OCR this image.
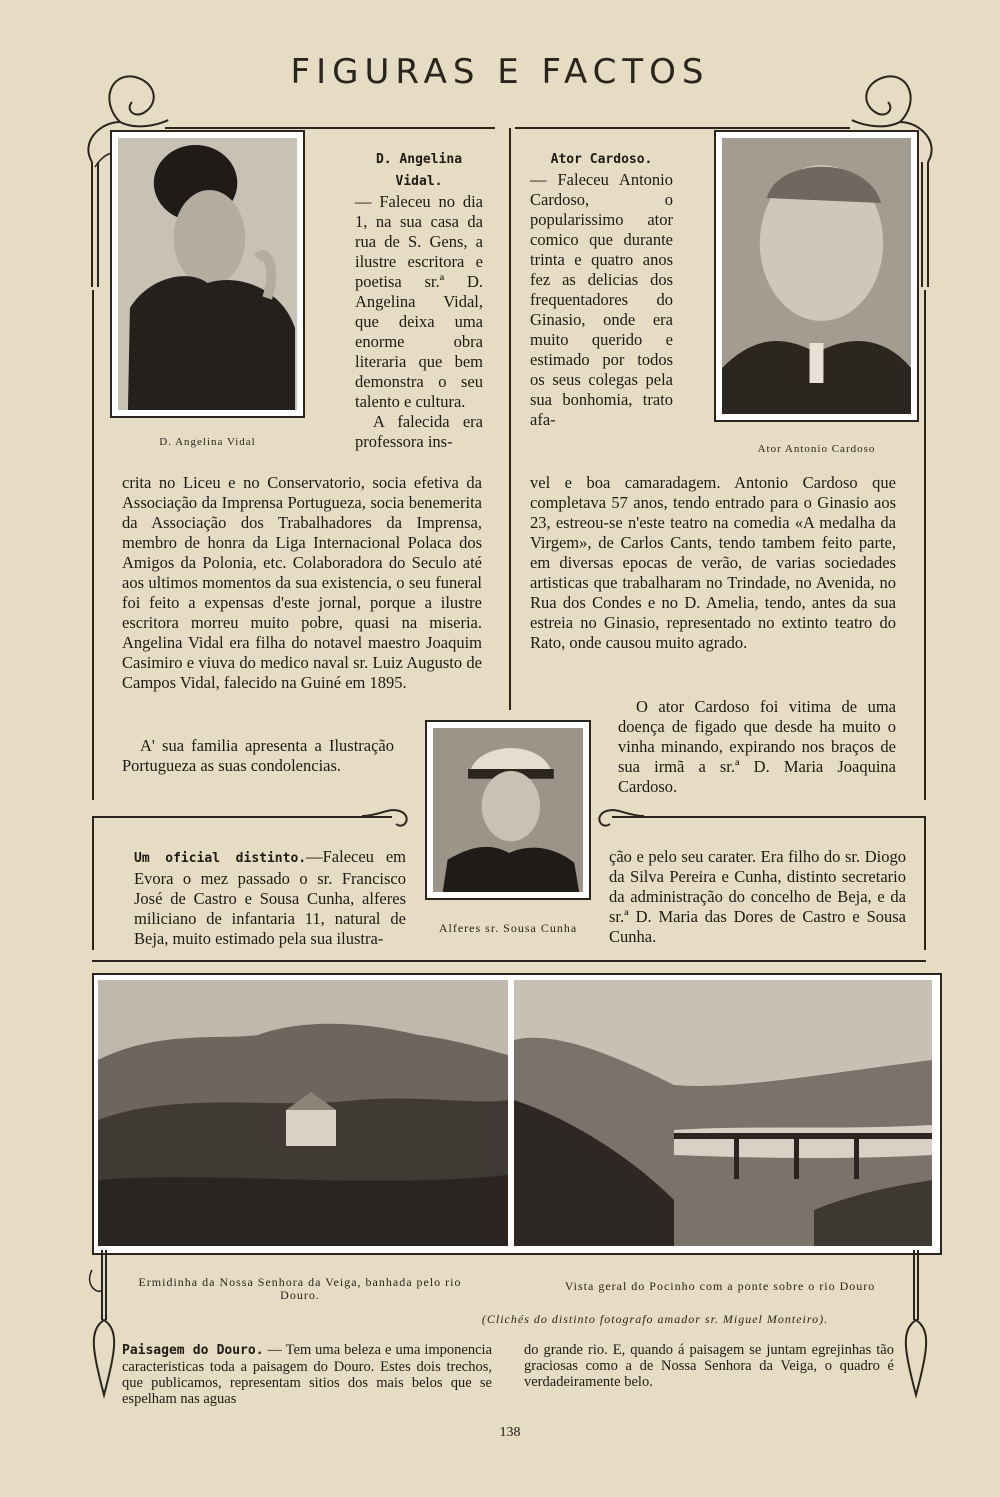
FIGURAS E FACTOS
D. Angelina Vidal

D. Angelina Vidal.

— Faleceu no dia 1, na sua casa da rua de S. Gens, a ilustre escritora e poetisa sr.ª D. Angelina Vidal, que deixa uma enorme obra literaria que bem demonstra o seu talento e cultura.

A falecida era professora ins-

crita no Liceu e no Conservatorio, socia efetiva da Associação da Imprensa Portugueza, socia benemerita da Associação dos Trabalhadores da Imprensa, membro de honra da Liga Internacional Polaca dos Amigos da Polonia, etc. Colaboradora do Seculo até aos ultimos momentos da sua existencia, o seu funeral foi feito a expensas d'este jornal, porque a ilustre escritora morreu muito pobre, quasi na miseria. Angelina Vidal era filha do notavel maestro Joaquim Casimiro e viuva do medico naval sr. Luiz Augusto de Campos Vidal, falecido na Guiné em 1895.

A' sua familia apresenta a Ilustração Portugueza as suas condolencias.

Ator Antonio Cardoso

Ator Cardoso.

— Faleceu Antonio Cardoso, o popularissimo ator comico que durante trinta e quatro anos fez as delicias dos frequentadores do Ginasio, onde era muito querido e estimado por todos os seus colegas pela sua bonhomia, trato afa-

vel e boa camaradagem. Antonio Cardoso que completava 57 anos, tendo entrado para o Ginasio aos 23, estreou-se n'este teatro na comedia «A medalha da Virgem», de Carlos Cants, tendo tambem feito parte, em diversas epocas de verão, de varias sociedades artisticas que trabalharam no Trindade, no Avenida, no Rua dos Condes e no D. Amelia, tendo, antes da sua estreia no Ginasio, representado no extinto teatro do Rato, onde causou muito agrado.

O ator Cardoso foi vitima de uma doença de figado que desde ha muito o vinha minando, expirando nos braços de sua irmã a sr.ª D. Maria Joaquina Cardoso.

Alferes sr. Sousa Cunha

Um oficial distinto.—Faleceu em Evora o mez passado o sr. Francisco José de Castro e Sousa Cunha, alferes miliciano de infantaria 11, natural de Beja, muito estimado pela sua ilustra-

ção e pelo seu carater. Era filho do sr. Diogo da Silva Pereira e Cunha, distinto secretario da administração do concelho de Beja, e da sr.ª D. Maria das Dores de Castro e Sousa Cunha.

Ermidinha da Nossa Senhora da Veiga, banhada pelo rio Douro.
Vista geral do Pocinho com a ponte sobre o rio Douro
(Clichés do distinto fotografo amador sr. Miguel Monteiro).

Paisagem do Douro. — Tem uma beleza e uma imponencia caracteristicas toda a paisagem do Douro. Estes dois trechos, que publicamos, representam sitios dos mais belos que se espelham nas aguas

do grande rio. E, quando á paisagem se juntam egrejinhas tão graciosas como a de Nossa Senhora da Veiga, o quadro é verdadeiramente belo.

138
